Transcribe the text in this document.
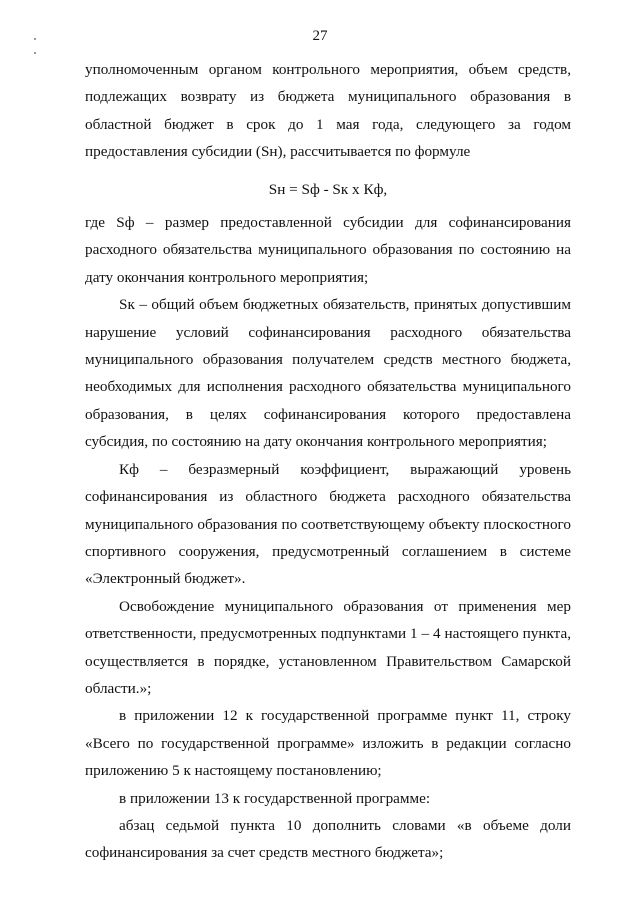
27

уполномоченным органом контрольного мероприятия, объем средств, подлежащих возврату из бюджета муниципального образования в областной бюджет в срок до 1 мая года, следующего за годом предоставления субсидии (Sн), рассчитывается по формуле

Sн = Sф - Sк х Кф,

где Sф – размер предоставленной субсидии для софинансирования расходного обязательства муниципального образования по состоянию на дату окончания контрольного мероприятия;

Sк – общий объем бюджетных обязательств, принятых допустившим нарушение условий софинансирования расходного обязательства муниципального образования получателем средств местного бюджета, необходимых для исполнения расходного обязательства муниципального образования, в целях софинансирования которого предоставлена субсидия, по состоянию на дату окончания контрольного мероприятия;

Кф – безразмерный коэффициент, выражающий уровень софинансирования из областного бюджета расходного обязательства муниципального образования по соответствующему объекту плоскостного спортивного сооружения, предусмотренный соглашением в системе «Электронный бюджет».

Освобождение муниципального образования от применения мер ответственности, предусмотренных подпунктами 1 – 4 настоящего пункта, осуществляется в порядке, установленном Правительством Самарской области.»;

в приложении 12 к государственной программе пункт 11, строку «Всего по государственной программе» изложить в редакции согласно приложению 5 к настоящему постановлению;

в приложении 13 к государственной программе:

абзац седьмой пункта 10 дополнить словами «в объеме доли софинансирования за счет средств местного бюджета»;
